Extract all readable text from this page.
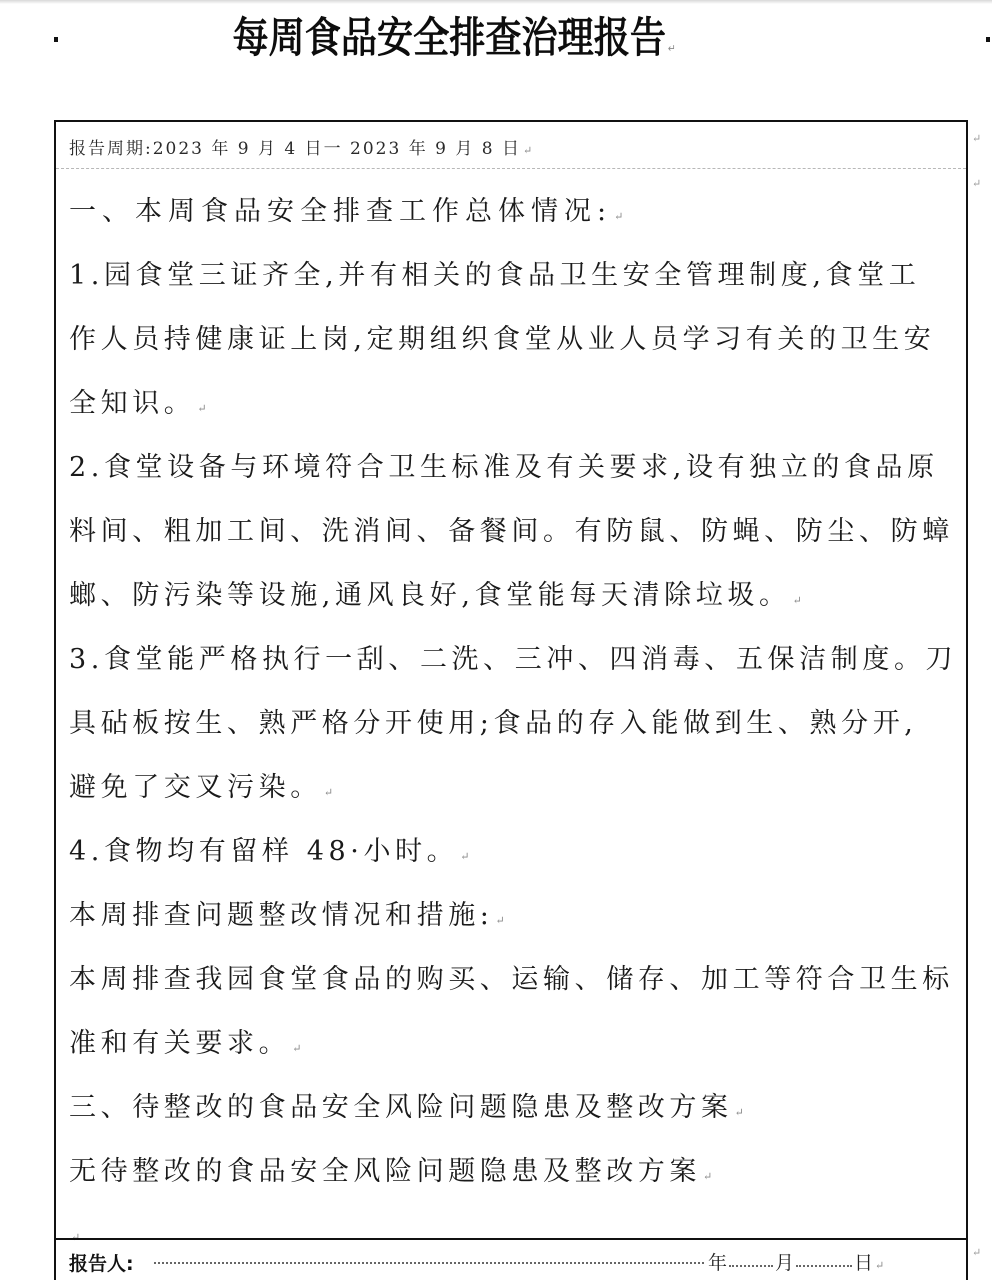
每周食品安全排查治理报告 ↵
报告周期:2023 年 9 月 4 日一 2023 年 9 月 8 日 ↵
一、本周食品安全排查工作总体情况: ↵
1.园食堂三证齐全,并有相关的食品卫生安全管理制度,食堂工
作人员持健康证上岗,定期组织食堂从业人员学习有关的卫生安
全知识。 ↵
2.食堂设备与环境符合卫生标准及有关要求,设有独立的食品原
料间、粗加工间、洗消间、备餐间。有防鼠、防蝇、防尘、防蟑
螂、防污染等设施,通风良好,食堂能每天清除垃圾。 ↵
3.食堂能严格执行一刮、二洗、三冲、四消毒、五保洁制度。刀
具砧板按生、熟严格分开使用;食品的存入能做到生、熟分开,
避免了交叉污染。 ↵
4.食物均有留样 48·小时。 ↵
本周排查问题整改情况和措施: ↵
本周排查我园食堂食品的购买、运输、储存、加工等符合卫生标
准和有关要求。 ↵
三、待整改的食品安全风险问题隐患及整改方案 ↵
无待整改的食品安全风险问题隐患及整改方案 ↵
↵
报告人:	年	月	日 ↵
↵
↵
↵
